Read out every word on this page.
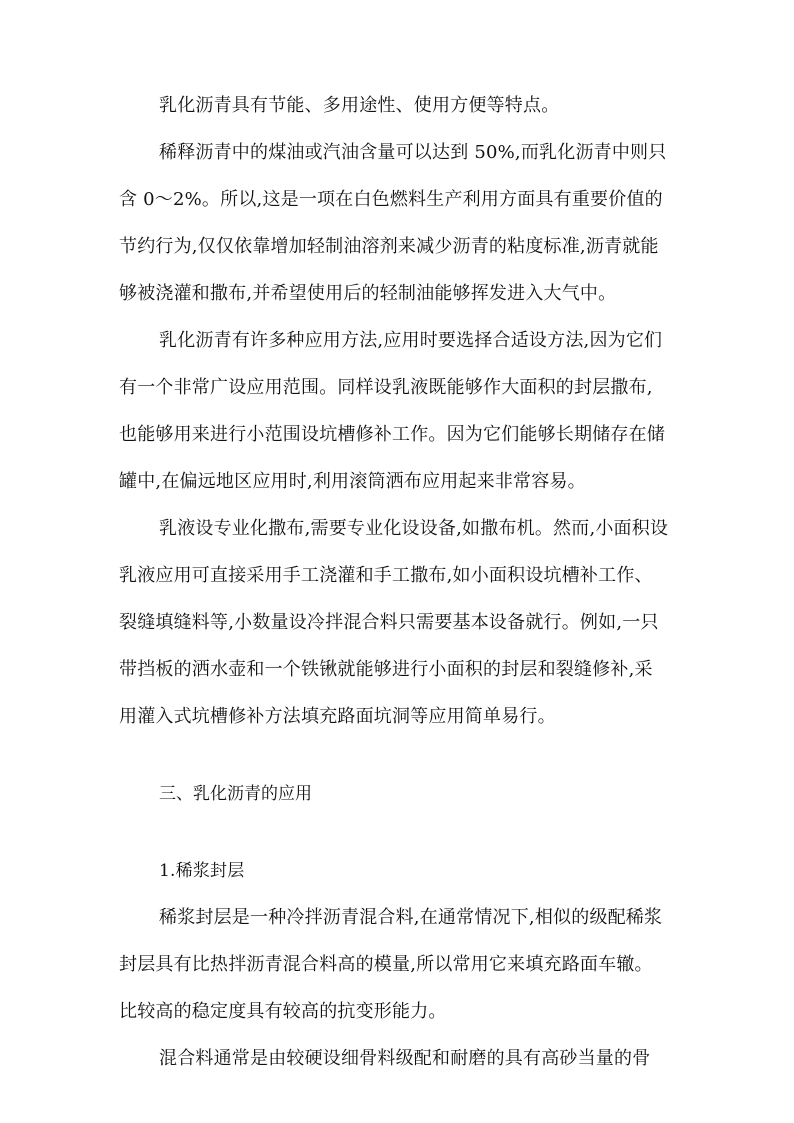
乳化沥青具有节能、多用途性、使用方便等特点。
稀释沥青中的煤油或汽油含量可以达到 50%,而乳化沥青中则只
含 0～2%。所以,这是一项在白色燃料生产利用方面具有重要价值的
节约行为,仅仅依靠增加轻制油溶剂来减少沥青的粘度标准,沥青就能
够被浇灌和撒布,并希望使用后的轻制油能够挥发进入大气中。
乳化沥青有许多种应用方法,应用时要选择合适设方法,因为它们
有一个非常广设应用范围。同样设乳液既能够作大面积的封层撒布,
也能够用来进行小范围设坑槽修补工作。因为它们能够长期储存在储
罐中,在偏远地区应用时,利用滚筒洒布应用起来非常容易。
乳液设专业化撒布,需要专业化设设备,如撒布机。然而,小面积设
乳液应用可直接采用手工浇灌和手工撒布,如小面积设坑槽补工作、
裂缝填缝料等,小数量设冷拌混合料只需要基本设备就行。例如,一只
带挡板的洒水壶和一个铁锹就能够进行小面积的封层和裂缝修补,采
用灌入式坑槽修补方法填充路面坑洞等应用简单易行。
三、乳化沥青的应用
1.稀浆封层
稀浆封层是一种冷拌沥青混合料,在通常情况下,相似的级配稀浆
封层具有比热拌沥青混合料高的模量,所以常用它来填充路面车辙。
比较高的稳定度具有较高的抗变形能力。
混合料通常是由较硬设细骨料级配和耐磨的具有高砂当量的骨
